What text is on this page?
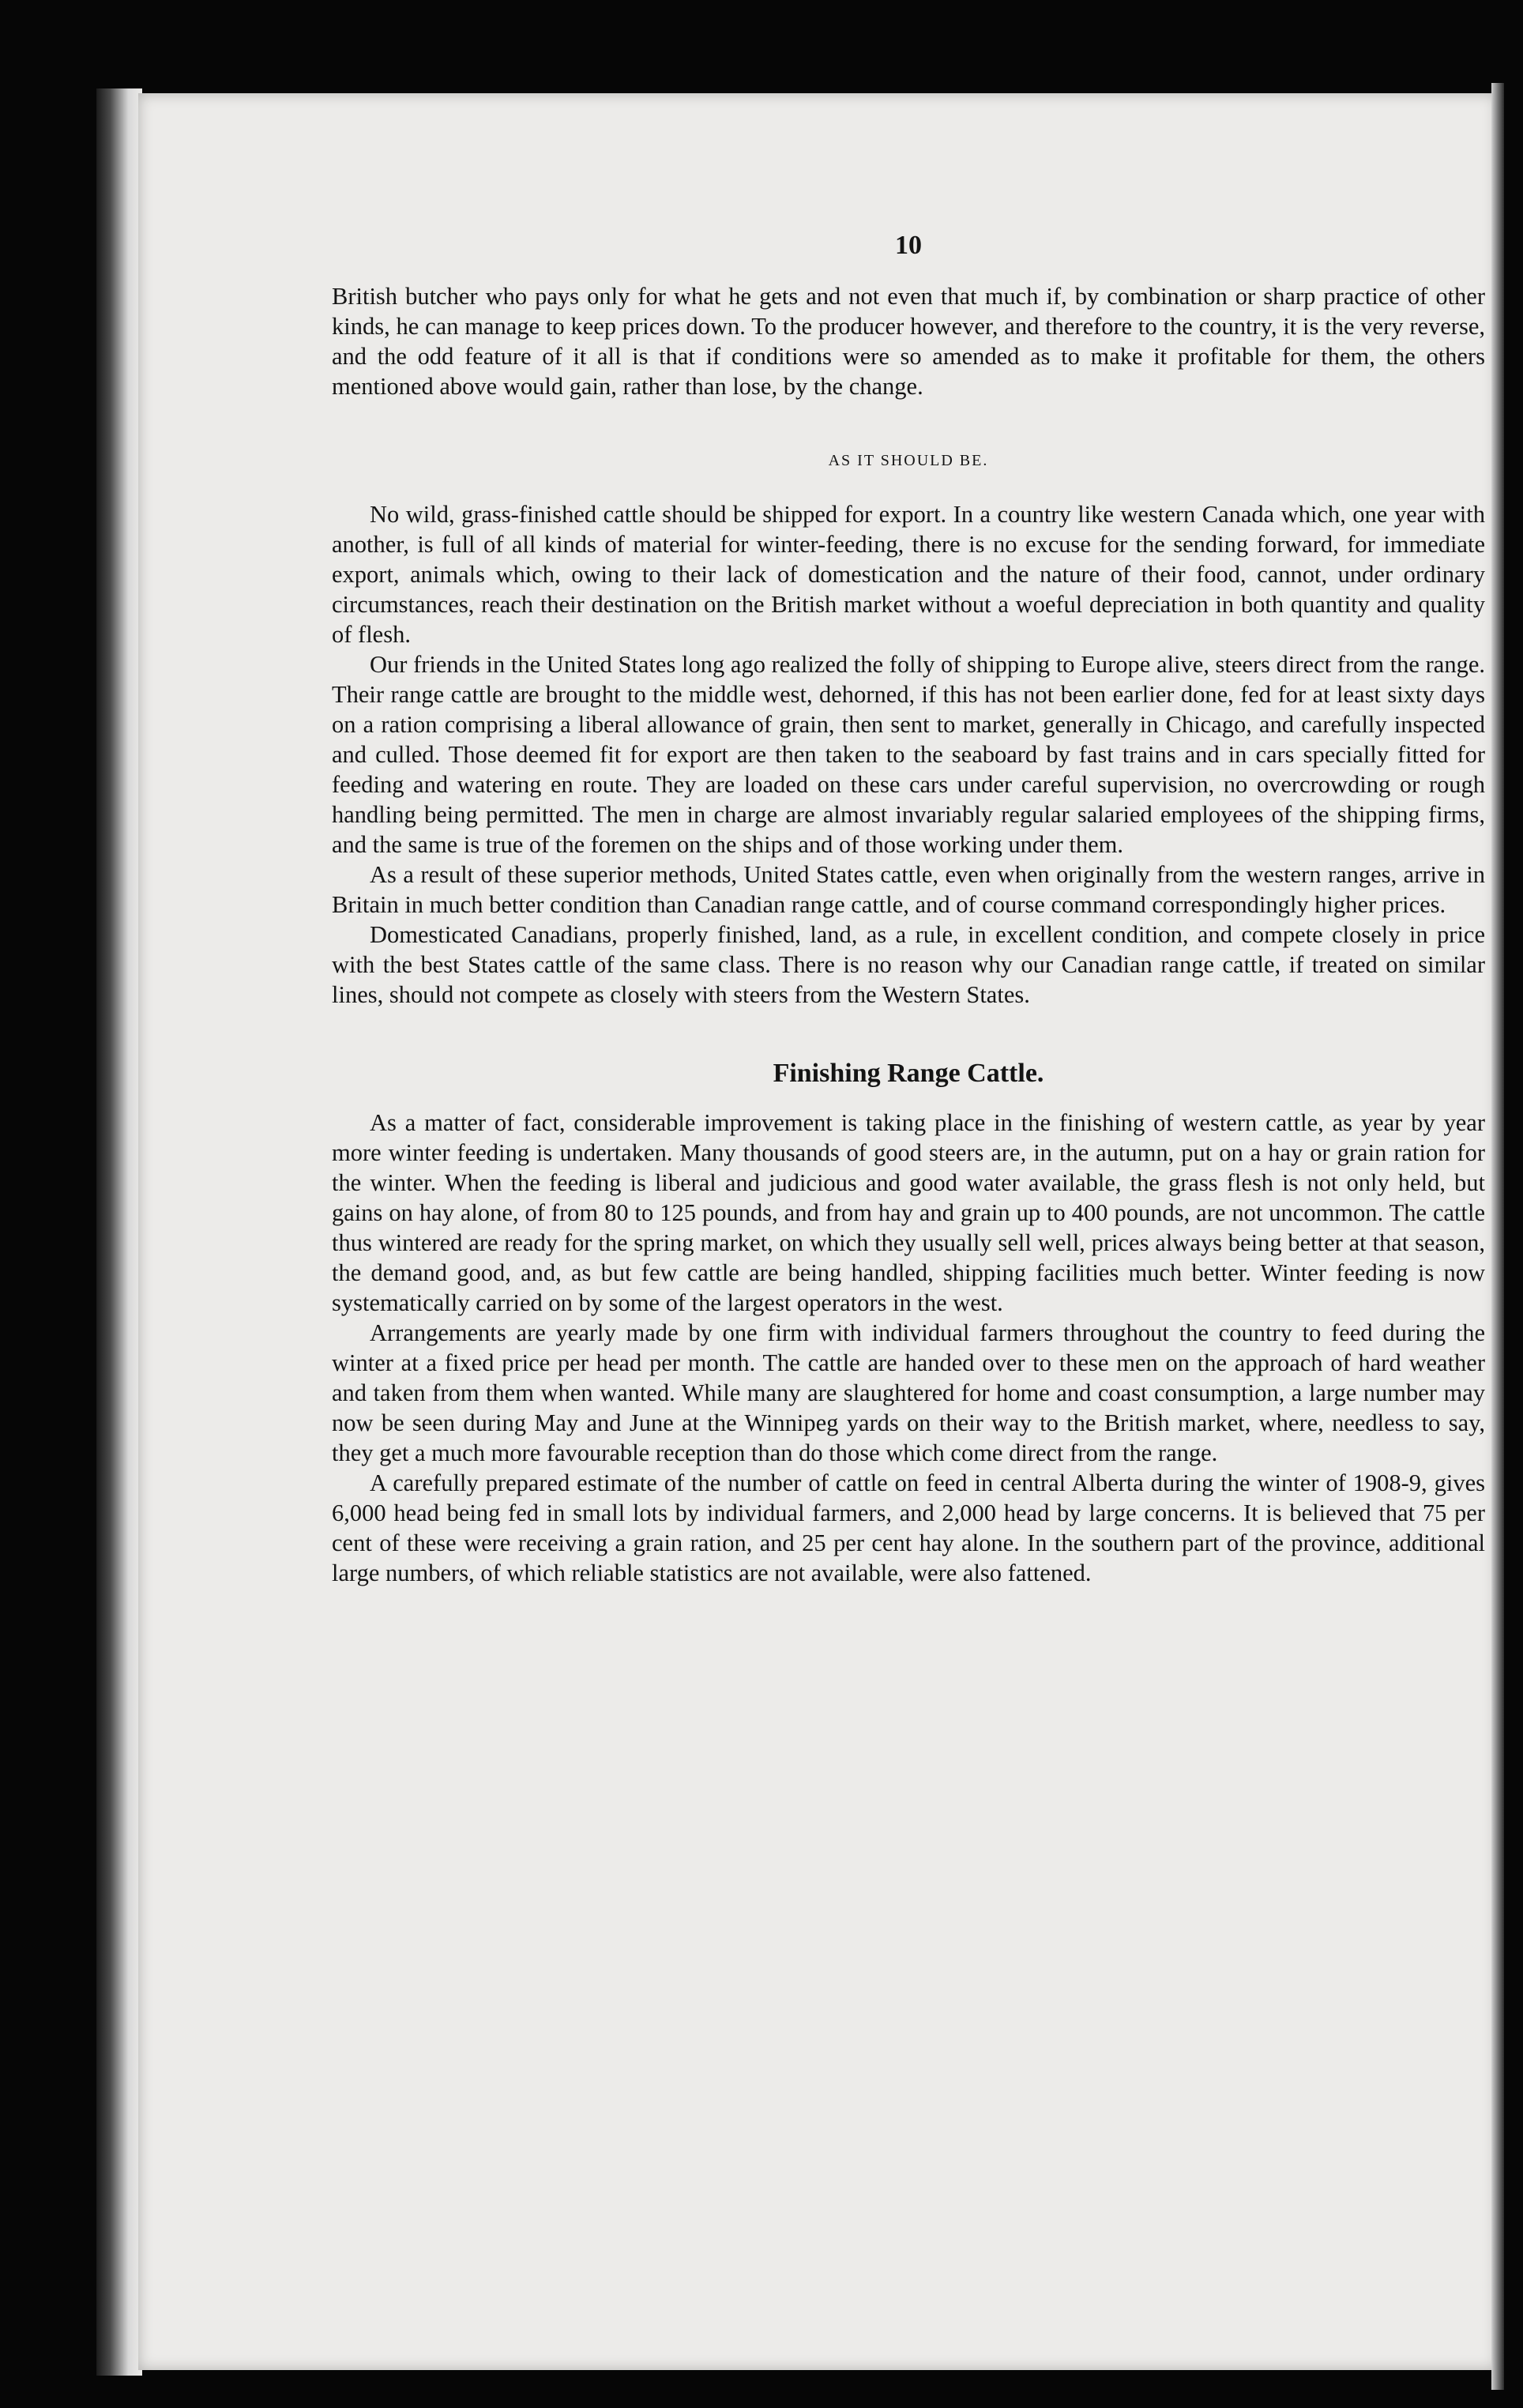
10

British butcher who pays only for what he gets and not even that much if, by combination or sharp practice of other kinds, he can manage to keep prices down. To the producer however, and therefore to the country, it is the very reverse, and the odd feature of it all is that if conditions were so amended as to make it profitable for them, the others mentioned above would gain, rather than lose, by the change.

AS IT SHOULD BE.

No wild, grass-finished cattle should be shipped for export. In a country like western Canada which, one year with another, is full of all kinds of material for winter-feeding, there is no excuse for the sending forward, for immediate export, animals which, owing to their lack of domestication and the nature of their food, cannot, under ordinary circumstances, reach their destination on the British market without a woeful depreciation in both quantity and quality of flesh.

Our friends in the United States long ago realized the folly of shipping to Europe alive, steers direct from the range. Their range cattle are brought to the middle west, dehorned, if this has not been earlier done, fed for at least sixty days on a ration comprising a liberal allowance of grain, then sent to market, generally in Chicago, and carefully inspected and culled. Those deemed fit for export are then taken to the seaboard by fast trains and in cars specially fitted for feeding and watering en route. They are loaded on these cars under careful supervision, no overcrowding or rough handling being permitted. The men in charge are almost invariably regular salaried employees of the shipping firms, and the same is true of the foremen on the ships and of those working under them.

As a result of these superior methods, United States cattle, even when originally from the western ranges, arrive in Britain in much better condition than Canadian range cattle, and of course command correspondingly higher prices.

Domesticated Canadians, properly finished, land, as a rule, in excellent condition, and compete closely in price with the best States cattle of the same class. There is no reason why our Canadian range cattle, if treated on similar lines, should not compete as closely with steers from the Western States.

Finishing Range Cattle.

As a matter of fact, considerable improvement is taking place in the finishing of western cattle, as year by year more winter feeding is undertaken. Many thousands of good steers are, in the autumn, put on a hay or grain ration for the winter. When the feeding is liberal and judicious and good water available, the grass flesh is not only held, but gains on hay alone, of from 80 to 125 pounds, and from hay and grain up to 400 pounds, are not uncommon. The cattle thus wintered are ready for the spring market, on which they usually sell well, prices always being better at that season, the demand good, and, as but few cattle are being handled, shipping facilities much better. Winter feeding is now systematically carried on by some of the largest operators in the west.

Arrangements are yearly made by one firm with individual farmers throughout the country to feed during the winter at a fixed price per head per month. The cattle are handed over to these men on the approach of hard weather and taken from them when wanted. While many are slaughtered for home and coast consumption, a large number may now be seen during May and June at the Winnipeg yards on their way to the British market, where, needless to say, they get a much more favourable reception than do those which come direct from the range.

A carefully prepared estimate of the number of cattle on feed in central Alberta during the winter of 1908-9, gives 6,000 head being fed in small lots by individual farmers, and 2,000 head by large concerns. It is believed that 75 per cent of these were receiving a grain ration, and 25 per cent hay alone. In the southern part of the province, additional large numbers, of which reliable statistics are not available, were also fattened.
